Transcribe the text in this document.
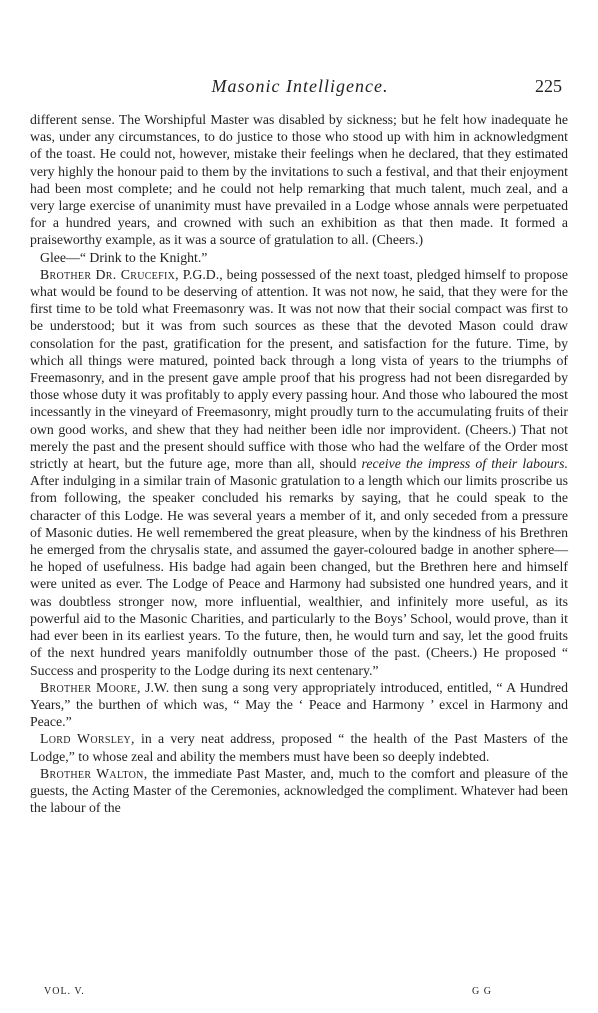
Masonic Intelligence.	225

different sense. The Worshipful Master was disabled by sickness; but he felt how inadequate he was, under any circumstances, to do justice to those who stood up with him in acknowledgment of the toast. He could not, however, mistake their feelings when he declared, that they estimated very highly the honour paid to them by the invitations to such a festival, and that their enjoyment had been most complete; and he could not help remarking that much talent, much zeal, and a very large exercise of unanimity must have prevailed in a Lodge whose annals were perpetuated for a hundred years, and crowned with such an exhibition as that then made. It formed a praiseworthy example, as it was a source of gratulation to all. (Cheers.)

Glee—“ Drink to the Knight.”

Brother Dr. Crucefix, P.G.D., being possessed of the next toast, pledged himself to propose what would be found to be deserving of attention. It was not now, he said, that they were for the first time to be told what Freemasonry was. It was not now that their social compact was first to be understood; but it was from such sources as these that the devoted Mason could draw consolation for the past, gratification for the present, and satisfaction for the future. Time, by which all things were matured, pointed back through a long vista of years to the triumphs of Freemasonry, and in the present gave ample proof that his progress had not been disregarded by those whose duty it was profitably to apply every passing hour. And those who laboured the most incessantly in the vineyard of Freemasonry, might proudly turn to the accumulating fruits of their own good works, and shew that they had neither been idle nor improvident. (Cheers.) That not merely the past and the present should suffice with those who had the welfare of the Order most strictly at heart, but the future age, more than all, should receive the impress of their labours. After indulging in a similar train of Masonic gratulation to a length which our limits proscribe us from following, the speaker concluded his remarks by saying, that he could speak to the character of this Lodge. He was several years a member of it, and only seceded from a pressure of Masonic duties. He well remembered the great pleasure, when by the kindness of his Brethren he emerged from the chrysalis state, and assumed the gayer-coloured badge in another sphere—he hoped of usefulness. His badge had again been changed, but the Brethren here and himself were united as ever. The Lodge of Peace and Harmony had subsisted one hundred years, and it was doubtless stronger now, more influential, wealthier, and infinitely more useful, as its powerful aid to the Masonic Charities, and particularly to the Boys’ School, would prove, than it had ever been in its earliest years. To the future, then, he would turn and say, let the good fruits of the next hundred years manifoldly outnumber those of the past. (Cheers.) He proposed “ Success and prosperity to the Lodge during its next centenary.”

Brother Moore, J.W. then sung a song very appropriately introduced, entitled, “ A Hundred Years,” the burthen of which was, “ May the ‘ Peace and Harmony ’ excel in Harmony and Peace.”

Lord Worsley, in a very neat address, proposed “ the health of the Past Masters of the Lodge,” to whose zeal and ability the members must have been so deeply indebted.

Brother Walton, the immediate Past Master, and, much to the comfort and pleasure of the guests, the Acting Master of the Ceremonies, acknowledged the compliment. Whatever had been the labour of the

VOL. V.	G G
